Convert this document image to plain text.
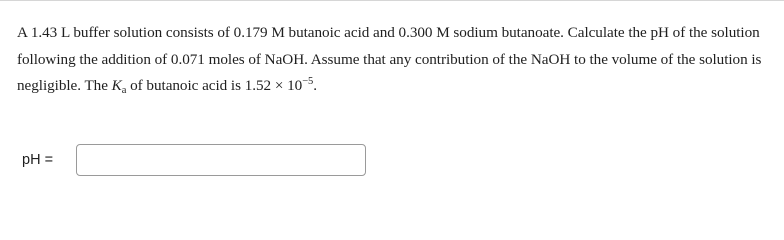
A 1.43 L buffer solution consists of 0.179 M butanoic acid and 0.300 M sodium butanoate. Calculate the pH of the solution
following the addition of 0.071 moles of NaOH. Assume that any contribution of the NaOH to the volume of the solution is
negligible. The Ka of butanoic acid is $1.52 \times 10^{-5}$.
pH =
